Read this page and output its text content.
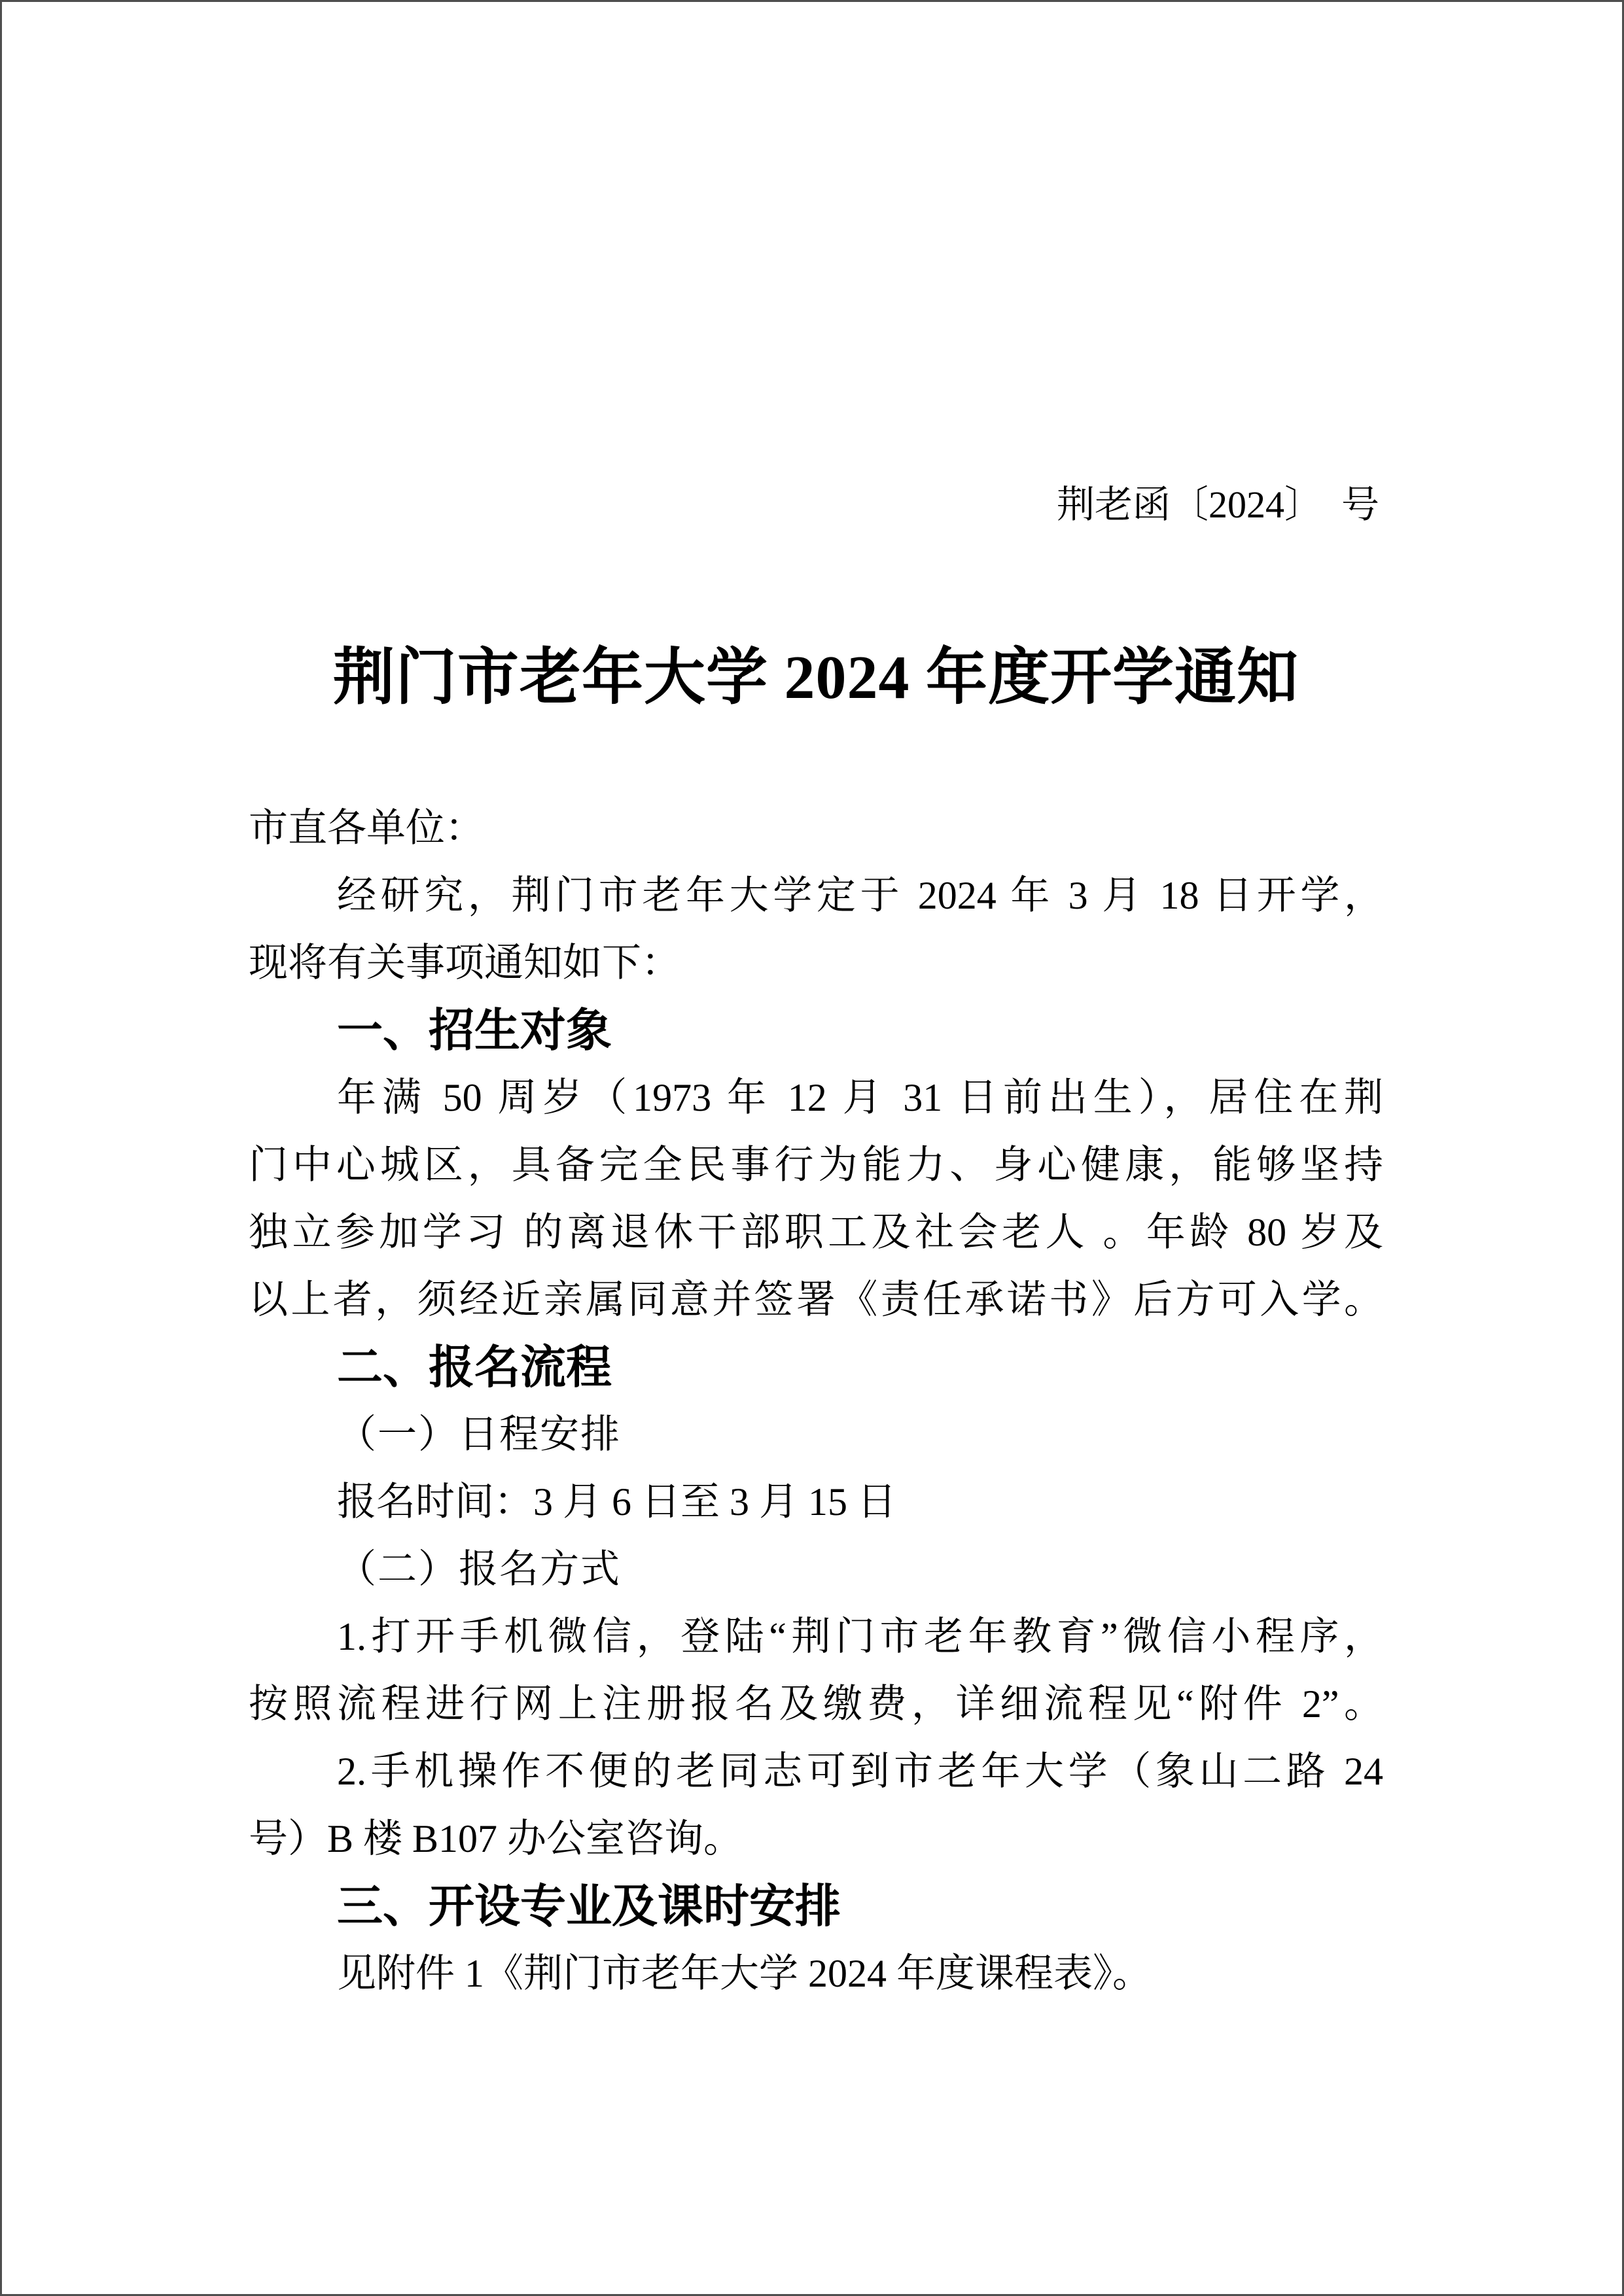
荆老函〔2024〕　号
荆门市老年大学 2024 年度开学通知
市直各单位：
经研究，荆门市老年大学定于 2024 年 3 月 18 日开学，
现将有关事项通知如下：
一、招生对象
年满 50 周岁（1973 年 12 月 31 日前出生），居住在荆
门中心城区，具备完全民事行为能力、身心健康，能够坚持
独立参加学习 的离退休干部职工及社会老人 。年龄 80 岁及
以上者，须经近亲属同意并签署《责任承诺书》后方可入学。
二、报名流程
（一）日程安排
报名时间：3 月 6 日至 3 月 15 日
（二）报名方式
1.打开手机微信，登陆“荆门市老年教育”微信小程序，
按照流程进行网上注册报名及缴费，详细流程见“附件 2”。
2.手机操作不便的老同志可到市老年大学（象山二路 24
号）B 楼 B107 办公室咨询。
三、开设专业及课时安排
见附件 1《荆门市老年大学 2024 年度课程表》。
